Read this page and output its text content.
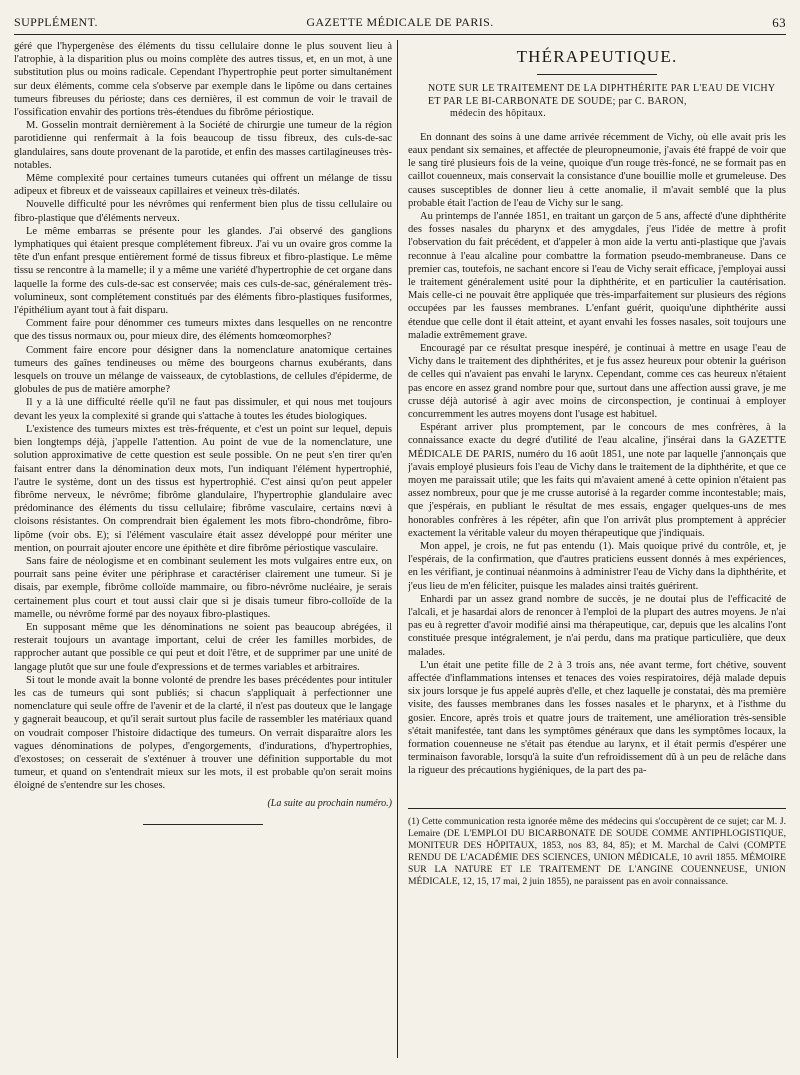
SUPPLÉMENT.	GAZETTE MÉDICALE DE PARIS.	63

géré que l'hypergenèse des éléments du tissu cellulaire donne le plus souvent lieu à l'atrophie, à la disparition plus ou moins complète des autres tissus, et, en un mot, à une substitution plus ou moins radicale. Cependant l'hypertrophie peut porter simultanément sur deux éléments, comme cela s'observe par exemple dans le lipôme ou dans certaines tumeurs fibreuses du périoste; dans ces dernières, il est commun de voir le travail de l'ossification envahir des portions très-étendues du fibrôme périostique.

M. Gosselin montrait dernièrement à la Société de chirurgie une tumeur de la région parotidienne qui renfermait à la fois beaucoup de tissu fibreux, des culs-de-sac glandulaires, sans doute provenant de la parotide, et enfin des masses cartilagineuses très-notables.

Même complexité pour certaines tumeurs cutanées qui offrent un mélange de tissu adipeux et fibreux et de vaisseaux capillaires et veineux très-dilatés.

Nouvelle difficulté pour les névrômes qui renferment bien plus de tissu cellulaire ou fibro-plastique que d'éléments nerveux.

Le même embarras se présente pour les glandes. J'ai observé des ganglions lymphatiques qui étaient presque complétement fibreux. J'ai vu un ovaire gros comme la tête d'un enfant presque entièrement formé de tissus fibreux et fibro-plastique. Le même tissu se rencontre à la mamelle; il y a même une variété d'hypertrophie de cet organe dans laquelle la forme des culs-de-sac est conservée; mais ces culs-de-sac, généralement très-volumineux, sont complétement constitués par des éléments fibro-plastiques fusiformes, l'épithélium ayant tout à fait disparu.

Comment faire pour dénommer ces tumeurs mixtes dans lesquelles on ne rencontre que des tissus normaux ou, pour mieux dire, des éléments homœomorphes?

Comment faire encore pour désigner dans la nomenclature anatomique certaines tumeurs des gaînes tendineuses ou même des bourgeons charnus exubérants, dans lesquels on trouve un mélange de vaisseaux, de cytoblastions, de cellules d'épiderme, de globules de pus de matière amorphe?

Il y a là une difficulté réelle qu'il ne faut pas dissimuler, et qui nous met toujours devant les yeux la complexité si grande qui s'attache à toutes les études biologiques.

L'existence des tumeurs mixtes est très-fréquente, et c'est un point sur lequel, depuis bien longtemps déjà, j'appelle l'attention. Au point de vue de la nomenclature, une solution approximative de cette question est seule possible. On ne peut s'en tirer qu'en faisant entrer dans la dénomination deux mots, l'un indiquant l'élément hypertrophié, l'autre le système, dont un des tissus est hypertrophié. C'est ainsi qu'on peut appeler fibrôme nerveux, le névrôme; fibrôme glandulaire, l'hypertrophie glandulaire avec prédominance des éléments du tissu cellulaire; fibrôme vasculaire, certains nœvi à cloisons résistantes. On comprendrait bien également les mots fibro-chondrôme, fibro-lipôme (voir obs. E); si l'élément vasculaire était assez développé pour mériter une mention, on pourrait ajouter encore une épithète et dire fibrôme périostique vasculaire.

Sans faire de néologisme et en combinant seulement les mots vulgaires entre eux, on pourrait sans peine éviter une périphrase et caractériser clairement une tumeur. Si je disais, par exemple, fibrôme colloïde mammaire, ou fibro-névrôme nucléaire, je serais certainement plus court et tout aussi clair que si je disais tumeur fibro-colloïde de la mamelle, ou névrôme formé par des noyaux fibro-plastiques.

En supposant même que les dénominations ne soient pas beaucoup abrégées, il resterait toujours un avantage important, celui de créer les familles morbides, de rapprocher autant que possible ce qui peut et doit l'être, et de supprimer par une unité de langage plutôt que sur une foule d'expressions et de termes variables et arbitraires.

Si tout le monde avait la bonne volonté de prendre les bases précédentes pour intituler les cas de tumeurs qui sont publiés; si chacun s'appliquait à perfectionner une nomenclature qui seule offre de l'avenir et de la clarté, il n'est pas douteux que le langage y gagnerait beaucoup, et qu'il serait surtout plus facile de rassembler les matériaux quand on voudrait composer l'histoire didactique des tumeurs. On verrait disparaître alors les vagues dénominations de polypes, d'engorgements, d'indurations, d'hypertrophies, d'exostoses; on cesserait de s'exténuer à trouver une définition supportable du mot tumeur, et quand on s'entendrait mieux sur les mots, il est probable qu'on serait moins éloigné de s'entendre sur les choses.

(La suite au prochain numéro.)
THÉRAPEUTIQUE.
NOTE SUR LE TRAITEMENT DE LA DIPHTHÉRITE PAR L'EAU DE VICHY ET PAR LE BI-CARBONATE DE SOUDE; par C. BARON,
médecin des hôpitaux.

En donnant des soins à une dame arrivée récemment de Vichy, où elle avait pris les eaux pendant six semaines, et affectée de pleuropneumonie, j'avais été frappé de voir que le sang tiré plusieurs fois de la veine, quoique d'un rouge très-foncé, ne se formait pas en caillot couenneux, mais conservait la consistance d'une bouillie molle et grumeleuse. Des causes susceptibles de donner lieu à cette anomalie, il m'avait semblé que la plus probable était l'action de l'eau de Vichy sur le sang.

Au printemps de l'année 1851, en traitant un garçon de 5 ans, affecté d'une diphthérite des fosses nasales du pharynx et des amygdales, j'eus l'idée de mettre à profit l'observation du fait précédent, et d'appeler à mon aide la vertu anti-plastique que j'avais reconnue à l'eau alcaline pour combattre la formation pseudo-membraneuse. Dans ce premier cas, toutefois, ne sachant encore si l'eau de Vichy serait efficace, j'employai aussi le traitement généralement usité pour la diphthérite, et en particulier la cautérisation. Mais celle-ci ne pouvait être appliquée que très-imparfaitement sur plusieurs des régions occupées par les fausses membranes. L'enfant guérit, quoiqu'une diphthérite aussi étendue que celle dont il était atteint, et ayant envahi les fosses nasales, soit toujours une maladie extrêmement grave.

Encouragé par ce résultat presque inespéré, je continuai à mettre en usage l'eau de Vichy dans le traitement des diphthérites, et je fus assez heureux pour obtenir la guérison de celles qui n'avaient pas envahi le larynx. Cependant, comme ces cas heureux n'étaient pas encore en assez grand nombre pour que, surtout dans une affection aussi grave, je me crusse déjà autorisé à agir avec moins de circonspection, je continuai à employer concurremment les autres moyens dont l'usage est habituel.

Espérant arriver plus promptement, par le concours de mes confrères, à la connaissance exacte du degré d'utilité de l'eau alcaline, j'insérai dans la GAZETTE MÉDICALE DE PARIS, numéro du 16 août 1851, une note par laquelle j'annonçais que j'avais employé plusieurs fois l'eau de Vichy dans le traitement de la diphthérite, et que ce moyen me paraissait utile; que les faits qui m'avaient amené à cette opinion n'étaient pas assez nombreux, pour que je me crusse autorisé à la regarder comme incontestable; mais, que j'espérais, en publiant le résultat de mes essais, engager quelques-uns de mes honorables confrères à les répéter, afin que l'on arrivât plus promptement à apprécier exactement la véritable valeur du moyen thérapeutique que j'indiquais.

Mon appel, je crois, ne fut pas entendu (1). Mais quoique privé du contrôle, et, je l'espérais, de la confirmation, que d'autres praticiens eussent donnés à mes expériences, en les vérifiant, je continuai néanmoins à administrer l'eau de Vichy dans la diphthérite, et j'eus lieu de m'en féliciter, puisque les malades ainsi traités guérirent.

Enhardi par un assez grand nombre de succès, je ne doutai plus de l'efficacité de l'alcali, et je hasardai alors de renoncer à l'emploi de la plupart des autres moyens. Je n'ai pas eu à regretter d'avoir modifié ainsi ma thérapeutique, car, depuis que les alcalins l'ont constituée presque intégralement, je n'ai perdu, dans ma pratique particulière, que deux malades.

L'un était une petite fille de 2 à 3 trois ans, née avant terme, fort chétive, souvent affectée d'inflammations intenses et tenaces des voies respiratoires, déjà malade depuis six jours lorsque je fus appelé auprès d'elle, et chez laquelle je constatai, dès ma première visite, des fausses membranes dans les fosses nasales et le pharynx, et à l'isthme du gosier. Encore, après trois et quatre jours de traitement, une amélioration très-sensible s'était manifestée, tant dans les symptômes généraux que dans les symptômes locaux, la formation couenneuse ne s'était pas étendue au larynx, et il était permis d'espérer une terminaison favorable, lorsqu'à la suite d'un refroidissement dû à un peu de relâche dans la rigueur des précautions hygiéniques, de la part des pa-

(1) Cette communication resta ignorée même des médecins qui s'occupèrent de ce sujet; car M. J. Lemaire (DE L'EMPLOI DU BICARBONATE DE SOUDE COMME ANTIPHLOGISTIQUE, MONITEUR DES HÔPITAUX, 1853, nos 83, 84, 85); et M. Marchal de Calvi (COMPTE RENDU DE L'ACADÉMIE DES SCIENCES, UNION MÉDICALE, 10 avril 1855. MÉMOIRE SUR LA NATURE ET LE TRAITEMENT DE L'ANGINE COUENNEUSE, UNION MÉDICALE, 12, 15, 17 mai, 2 juin 1855), ne paraissent pas en avoir connaissance.
